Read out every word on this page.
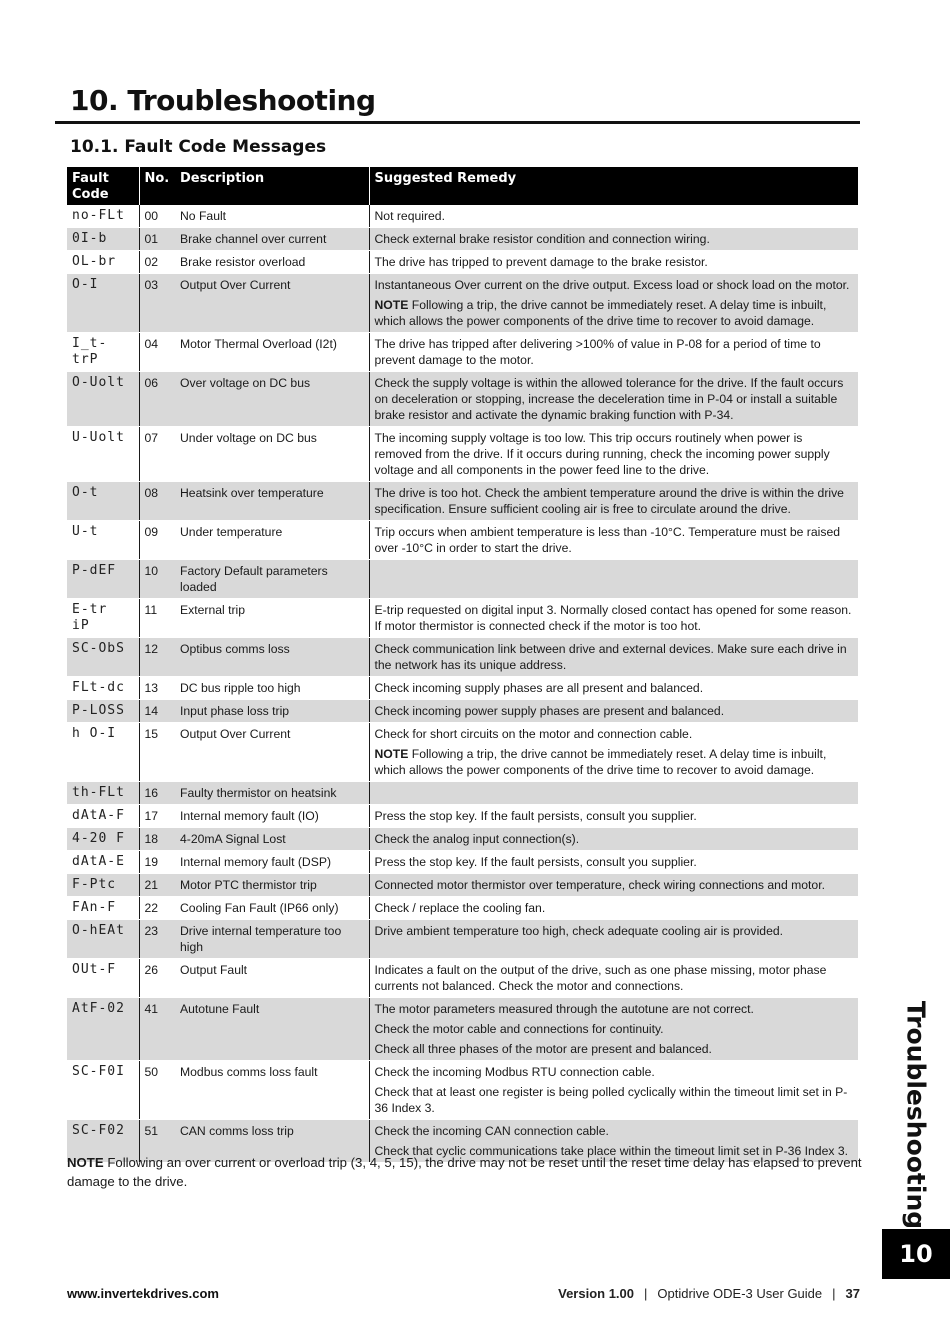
10. Troubleshooting
10.1. Fault Code Messages
Fault Code	No.	Description	Suggested Remedy
no-FLt	00	No Fault	Not required.

0I-b	01	Brake channel over current	Check external brake resistor condition and connection wiring.

OL-br	02	Brake resistor overload	The drive has tripped to prevent damage to the brake resistor.

O-I	03	Output Over Current	Instantaneous Over current on the drive output. Excess load or shock load on the motor.
NOTE Following a trip, the drive cannot be immediately reset. A delay time is inbuilt, which allows the power components of the drive time to recover to avoid damage.

I_t-trP	04	Motor Thermal Overload (I2t)	The drive has tripped after delivering >100% of value in P-08 for a period of time to prevent damage to the motor.

O-Uolt	06	Over voltage on DC bus	Check the supply voltage is within the allowed tolerance for the drive. If the fault occurs on deceleration or stopping, increase the deceleration time in P-04 or install a suitable brake resistor and activate the dynamic braking function with P-34.

U-Uolt	07	Under voltage on DC bus	The incoming supply voltage is too low. This trip occurs routinely when power is removed from the drive. If it occurs during running, check the incoming power supply voltage and all components in the power feed line to the drive.

O-t	08	Heatsink over temperature	The drive is too hot. Check the ambient temperature around the drive is within the drive specification. Ensure sufficient cooling air is free to circulate around the drive.

U-t	09	Under temperature	Trip occurs when ambient temperature is less than -10°C. Temperature must be raised over -10°C in order to start the drive.

P-dEF	10	Factory Default parameters loaded	
E-tr iP	11	External trip	E-trip requested on digital input 3. Normally closed contact has opened for some reason. If motor thermistor is connected check if the motor is too hot.

SC-ObS	12	Optibus comms loss	Check communication link between drive and external devices. Make sure each drive in the network has its unique address.

FLt-dc	13	DC bus ripple too high	Check incoming supply phases are all present and balanced.

P-LOSS	14	Input phase loss trip	Check incoming power supply phases are present and balanced.

h O-I	15	Output Over Current	Check for short circuits on the motor and connection cable.
NOTE Following a trip, the drive cannot be immediately reset. A delay time is inbuilt, which allows the power components of the drive time to recover to avoid damage.

th-FLt	16	Faulty thermistor on heatsink	
dAtA-F	17	Internal memory fault (IO)	Press the stop key. If the fault persists, consult you supplier.

4-20 F	18	4-20mA Signal Lost	Check the analog input connection(s).

dAtA-E	19	Internal memory fault (DSP)	Press the stop key. If the fault persists, consult you supplier.

F-Ptc	21	Motor PTC thermistor trip	Connected motor thermistor over temperature, check wiring connections and motor.

FAn-F	22	Cooling Fan Fault (IP66 only)	Check / replace the cooling fan.

O-hEAt	23	Drive internal temperature too high	Drive ambient temperature too high, check adequate cooling air is provided.

OUt-F	26	Output Fault	Indicates a fault on the output of the drive, such as one phase missing, motor phase currents not balanced. Check the motor and connections.

AtF-02	41	Autotune Fault	The motor parameters measured through the autotune are not correct.
Check the motor cable and connections for continuity.
Check all three phases of the motor are present and balanced.

SC-F0I	50	Modbus comms loss fault	Check the incoming Modbus RTU connection cable.
Check that at least one register is being polled cyclically within the timeout limit set in P-36 Index 3.

SC-F02	51	CAN comms loss trip	Check the incoming CAN connection cable.
Check that cyclic communications take place within the timeout limit set in P-36 Index 3.
NOTE Following an over current or overload trip (3, 4, 5, 15), the drive may not be reset until the reset time delay has elapsed to prevent damage to the drive.	Troubleshooting
10
www.invertekdrives.com	Version 1.00 | Optidrive ODE-3 User Guide | 37
